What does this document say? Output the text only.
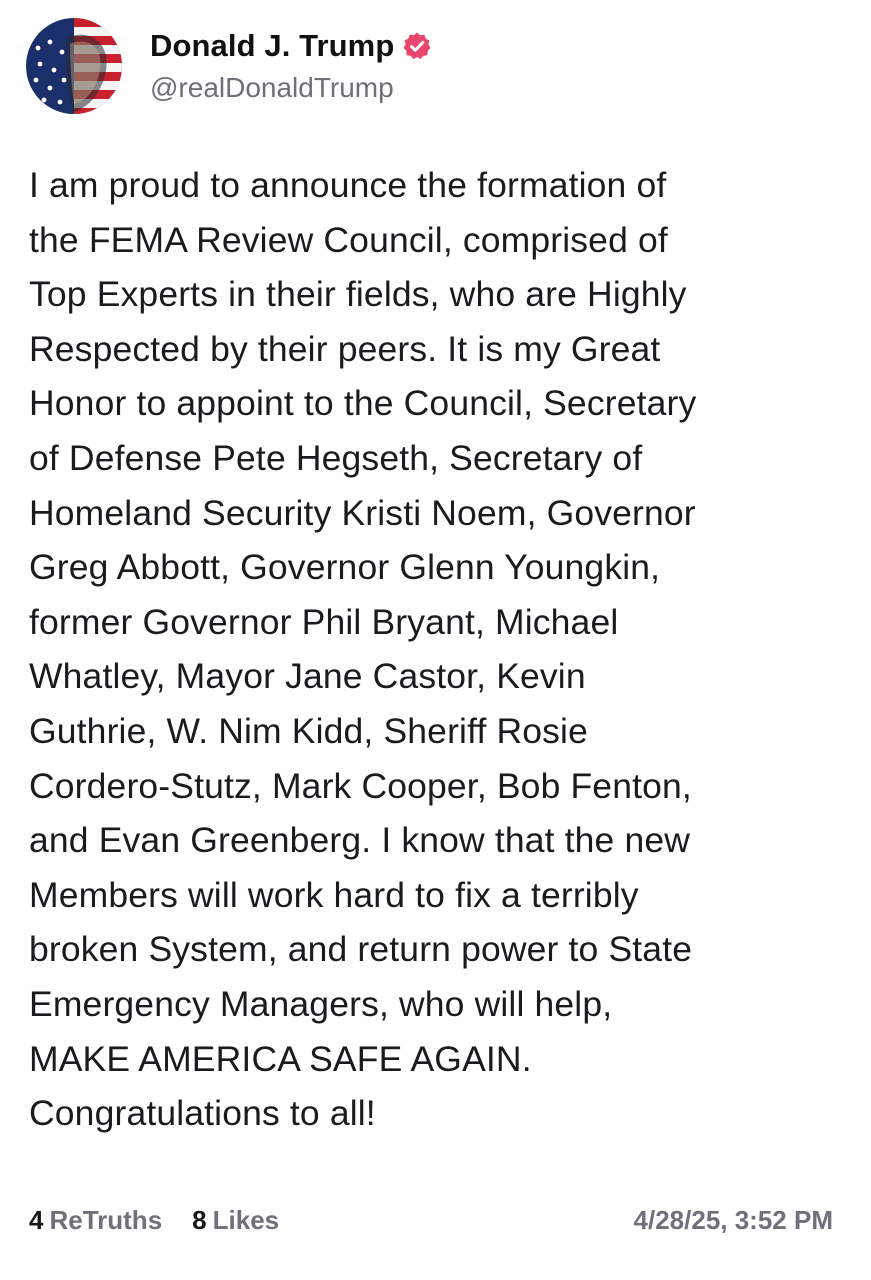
Donald J. Trump
@realDonaldTrump
I am proud to announce the formation of
the FEMA Review Council, comprised of
Top Experts in their fields, who are Highly
Respected by their peers. It is my Great
Honor to appoint to the Council, Secretary
of Defense Pete Hegseth, Secretary of
Homeland Security Kristi Noem, Governor
Greg Abbott, Governor Glenn Youngkin,
former Governor Phil Bryant, Michael
Whatley, Mayor Jane Castor, Kevin
Guthrie, W. Nim Kidd, Sheriff Rosie
Cordero-Stutz, Mark Cooper, Bob Fenton,
and Evan Greenberg. I know that the new
Members will work hard to fix a terribly
broken System, and return power to State
Emergency Managers, who will help,
MAKE AMERICA SAFE AGAIN.
Congratulations to all!
4 ReTruths 8 Likes	4/28/25, 3:52 PM
